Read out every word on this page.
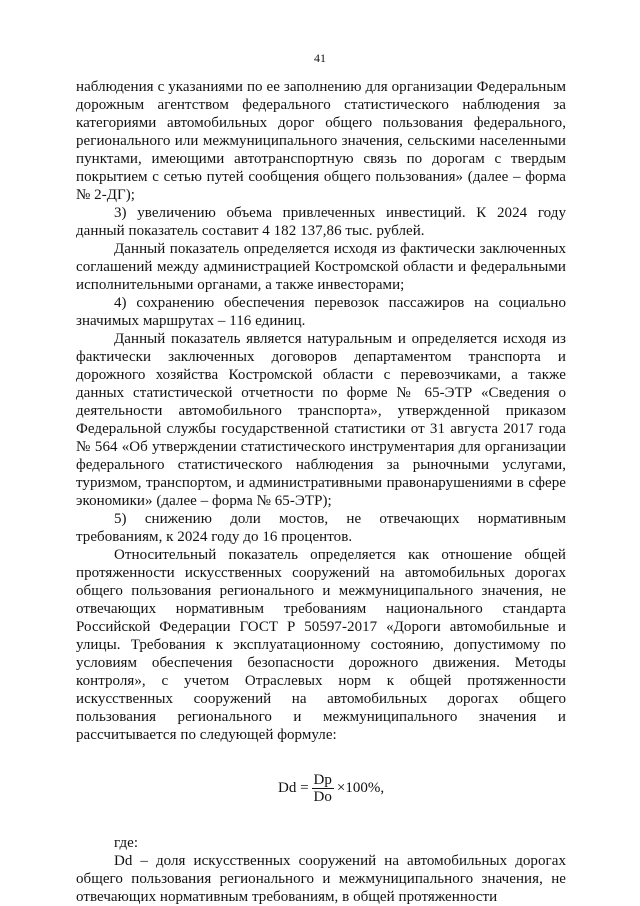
41

наблюдения с указаниями по ее заполнению для организации Федеральным дорожным агентством федерального статистического наблюдения за категориями автомобильных дорог общего пользования федерального, регионального или межмуниципального значения, сельскими населенными пунктами, имеющими автотранспортную связь по дорогам с твердым покрытием с сетью путей сообщения общего пользования» (далее – форма № 2-ДГ);

3) увеличению объема привлеченных инвестиций. К 2024 году данный показатель составит 4 182 137,86 тыс. рублей.

Данный показатель определяется исходя из фактически заключенных соглашений между администрацией Костромской области и федеральными исполнительными органами, а также инвесторами;

4) сохранению обеспечения перевозок пассажиров на социально значимых маршрутах – 116 единиц.

Данный показатель является натуральным и определяется исходя из фактически заключенных договоров департаментом транспорта и дорожного хозяйства Костромской области с перевозчиками, а также данных статистической отчетности по форме № 65-ЭТР «Сведения о деятельности автомобильного транспорта», утвержденной приказом Федеральной службы государственной статистики от 31 августа 2017 года № 564 «Об утверждении статистического инструментария для организации федерального статистического наблюдения за рыночными услугами, туризмом, транспортом, и административными правонарушениями в сфере экономики» (далее – форма № 65-ЭТР);

5) снижению доли мостов, не отвечающих нормативным требованиям, к 2024 году до 16 процентов.

Относительный показатель определяется как отношение общей протяженности искусственных сооружений на автомобильных дорогах общего пользования регионального и межмуниципального значения, не отвечающих нормативным требованиям национального стандарта Российской Федерации ГОСТ Р 50597-2017 «Дороги автомобильные и улицы. Требования к эксплуатационному состоянию, допустимому по условиям обеспечения безопасности дорожного движения. Методы контроля», с учетом Отраслевых норм к общей протяженности искусственных сооружений на автомобильных дорогах общего пользования регионального и межмуниципального значения и рассчитывается по следующей формуле:

$Dd = \frac{Dp}{Do} \times 100\%$,

где:

Dd – доля искусственных сооружений на автомобильных дорогах общего пользования регионального и межмуниципального значения, не отвечающих нормативным требованиям, в общей протяженности
